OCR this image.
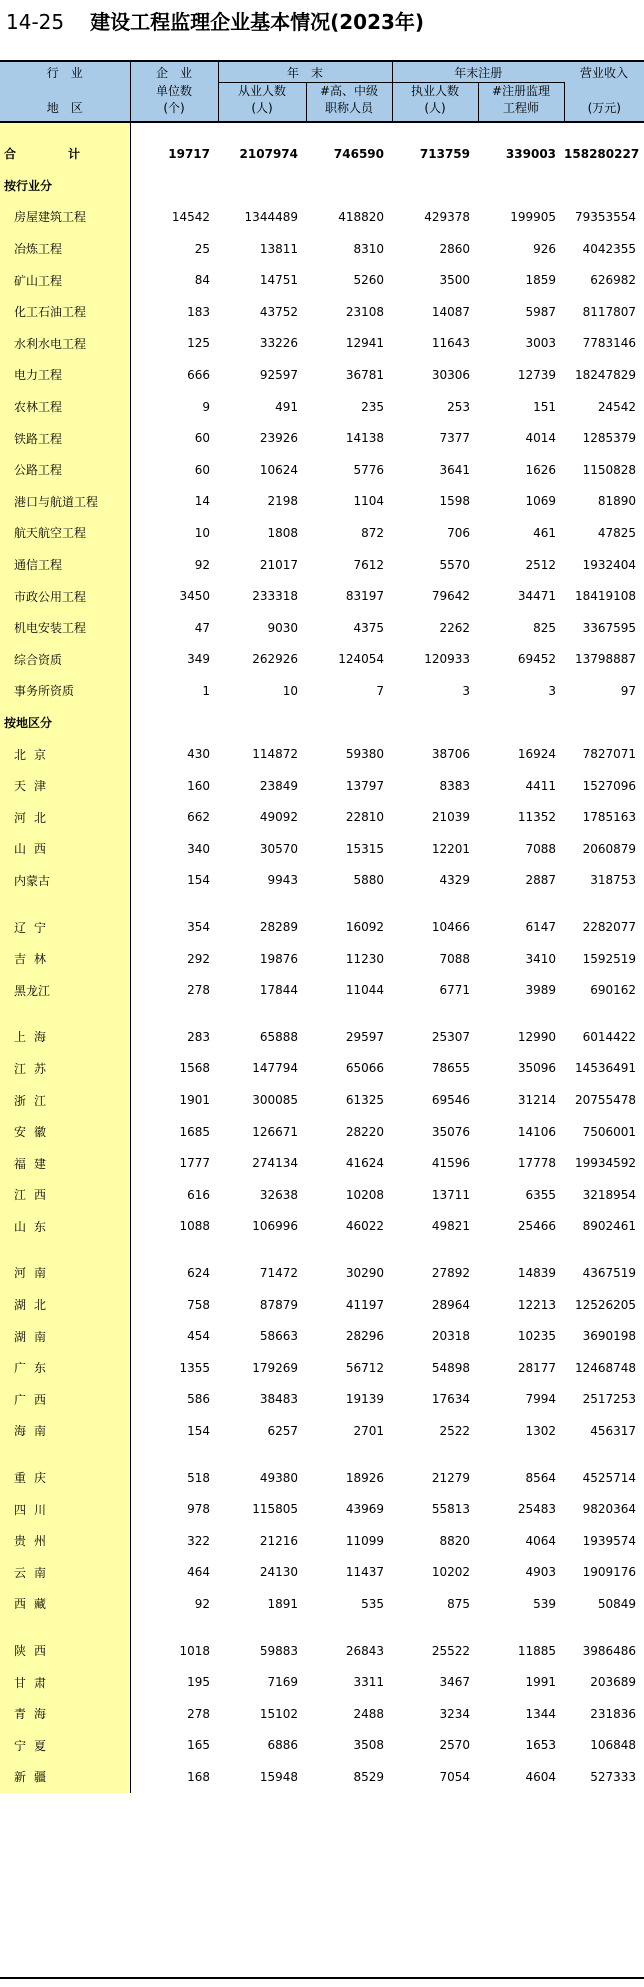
14-25 建设工程监理企业基本情况(2023年)
行　业	企　业	年　末		年末注册		营业收入
	单位数	从业人数	#高、中级	执业人数	#注册监理	
地　区	(个)	(人)	职称人员	(人)	工程师	(万元)

合　计	19717	2107974	746590	713759	339003	158280227
按行业分						
房屋建筑工程	14542	1344489	418820	429378	199905	79353554
冶炼工程	25	13811	8310	2860	926	4042355
矿山工程	84	14751	5260	3500	1859	626982
化工石油工程	183	43752	23108	14087	5987	8117807
水利水电工程	125	33226	12941	11643	3003	7783146
电力工程	666	92597	36781	30306	12739	18247829
农林工程	9	491	235	253	151	24542
铁路工程	60	23926	14138	7377	4014	1285379
公路工程	60	10624	5776	3641	1626	1150828
港口与航道工程	14	2198	1104	1598	1069	81890
航天航空工程	10	1808	872	706	461	47825
通信工程	92	21017	7612	5570	2512	1932404
市政公用工程	3450	233318	83197	79642	34471	18419108
机电安装工程	47	9030	4375	2262	825	3367595
综合资质	349	262926	124054	120933	69452	13798887
事务所资质	1	10	7	3	3	97
按地区分						
北京	430	114872	59380	38706	16924	7827071
天津	160	23849	13797	8383	4411	1527096
河北	662	49092	22810	21039	11352	1785163
山西	340	30570	15315	12201	7088	2060879
内蒙古	154	9943	5880	4329	2887	318753

辽宁	354	28289	16092	10466	6147	2282077
吉林	292	19876	11230	7088	3410	1592519
黑龙江	278	17844	11044	6771	3989	690162

上海	283	65888	29597	25307	12990	6014422
江苏	1568	147794	65066	78655	35096	14536491
浙江	1901	300085	61325	69546	31214	20755478
安徽	1685	126671	28220	35076	14106	7506001
福建	1777	274134	41624	41596	17778	19934592
江西	616	32638	10208	13711	6355	3218954
山东	1088	106996	46022	49821	25466	8902461

河南	624	71472	30290	27892	14839	4367519
湖北	758	87879	41197	28964	12213	12526205
湖南	454	58663	28296	20318	10235	3690198
广东	1355	179269	56712	54898	28177	12468748
广西	586	38483	19139	17634	7994	2517253
海南	154	6257	2701	2522	1302	456317

重庆	518	49380	18926	21279	8564	4525714
四川	978	115805	43969	55813	25483	9820364
贵州	322	21216	11099	8820	4064	1939574
云南	464	24130	11437	10202	4903	1909176
西藏	92	1891	535	875	539	50849

陕西	1018	59883	26843	25522	11885	3986486
甘肃	195	7169	3311	3467	1991	203689
青海	278	15102	2488	3234	1344	231836
宁夏	165	6886	3508	2570	1653	106848
新疆	168	15948	8529	7054	4604	527333
